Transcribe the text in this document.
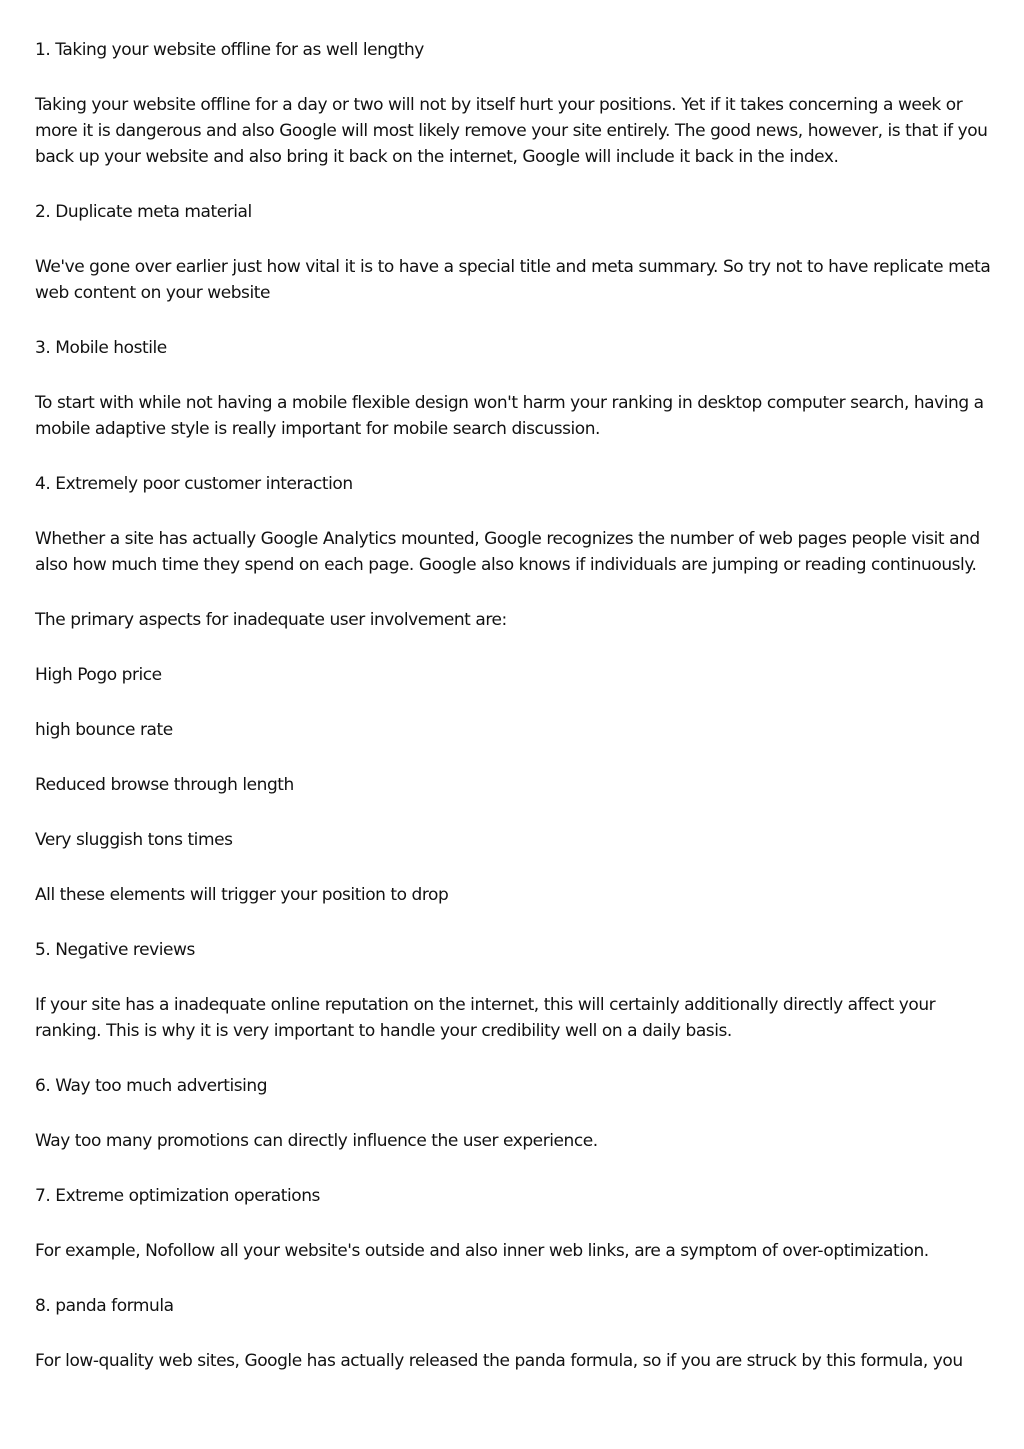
1. Taking your website offline for as well lengthy

Taking your website offline for a day or two will not by itself hurt your positions. Yet if it takes concerning a week or more it is dangerous and also Google will most likely remove your site entirely. The good news, however, is that if you back up your website and also bring it back on the internet, Google will include it back in the index.

2. Duplicate meta material

We've gone over earlier just how vital it is to have a special title and meta summary. So try not to have replicate meta web content on your website

3. Mobile hostile

To start with while not having a mobile flexible design won't harm your ranking in desktop computer search, having a mobile adaptive style is really important for mobile search discussion.

4. Extremely poor customer interaction

Whether a site has actually Google Analytics mounted, Google recognizes the number of web pages people visit and also how much time they spend on each page. Google also knows if individuals are jumping or reading continuously.

The primary aspects for inadequate user involvement are:

High Pogo price

high bounce rate

Reduced browse through length

Very sluggish tons times

All these elements will trigger your position to drop

5. Negative reviews

If your site has a inadequate online reputation on the internet, this will certainly additionally directly affect your ranking. This is why it is very important to handle your credibility well on a daily basis.

6. Way too much advertising

Way too many promotions can directly influence the user experience.

7. Extreme optimization operations

For example, Nofollow all your website's outside and also inner web links, are a symptom of over-optimization.

8. panda formula

For low-quality web sites, Google has actually released the panda formula, so if you are struck by this formula, you
